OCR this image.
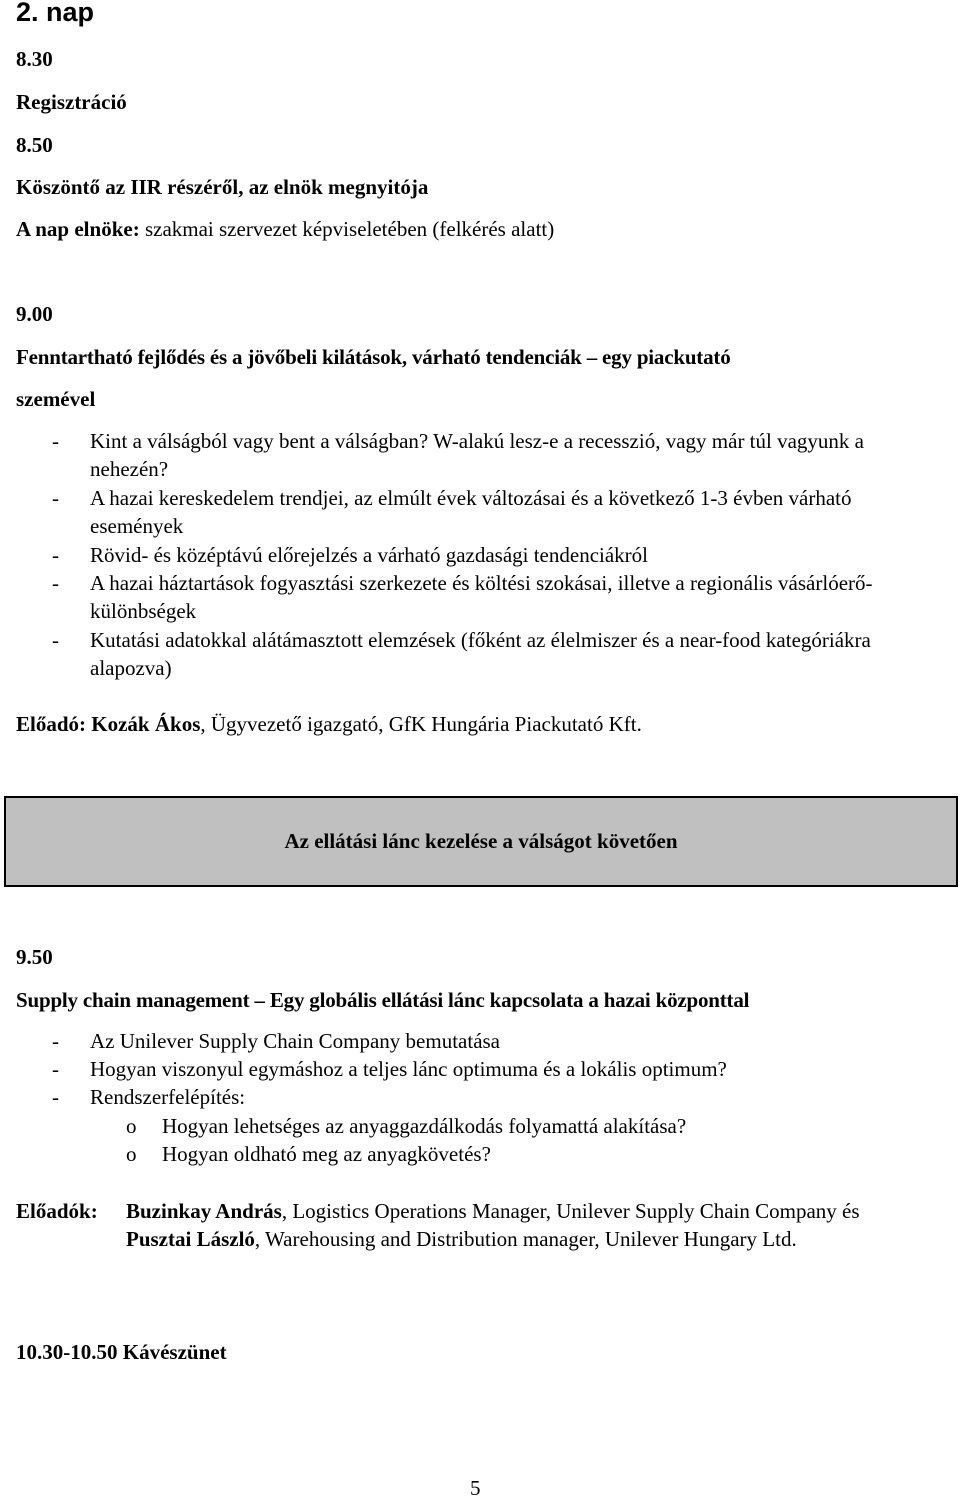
2. nap
8.30
Regisztráció
8.50
Köszöntő az IIR részéről, az elnök megnyitója
A nap elnöke: szakmai szervezet képviseletében (felkérés alatt)
9.00
Fenntartható fejlődés és a jövőbeli kilátások, várható tendenciák – egy piackutató
szemével
- Kint a válságból vagy bent a válságban? W-alakú lesz-e a recesszió, vagy már túl vagyunk a nehezén?
- A hazai kereskedelem trendjei, az elmúlt évek változásai és a következő 1-3 évben várható események
- Rövid- és középtávú előrejelzés a várható gazdasági tendenciákról
- A hazai háztartások fogyasztási szerkezete és költési szokásai, illetve a regionális vásárlóerő-különbségek
- Kutatási adatokkal alátámasztott elemzések (főként az élelmiszer és a near-food kategóriákra alapozva)
Előadó: Kozák Ákos, Ügyvezető igazgató, GfK Hungária Piackutató Kft.
Az ellátási lánc kezelése a válságot követően
9.50
Supply chain management – Egy globális ellátási lánc kapcsolata a hazai központtal
- Az Unilever Supply Chain Company bemutatása
- Hogyan viszonyul egymáshoz a teljes lánc optimuma és a lokális optimum?
- Rendszerfelépítés:
o Hogyan lehetséges az anyaggazdálkodás folyamattá alakítása?
o Hogyan oldható meg az anyagkövetés?
Előadók: Buzinkay András, Logistics Operations Manager, Unilever Supply Chain Company és Pusztai László, Warehousing and Distribution manager, Unilever Hungary Ltd.
10.30-10.50 Kávészünet
5
